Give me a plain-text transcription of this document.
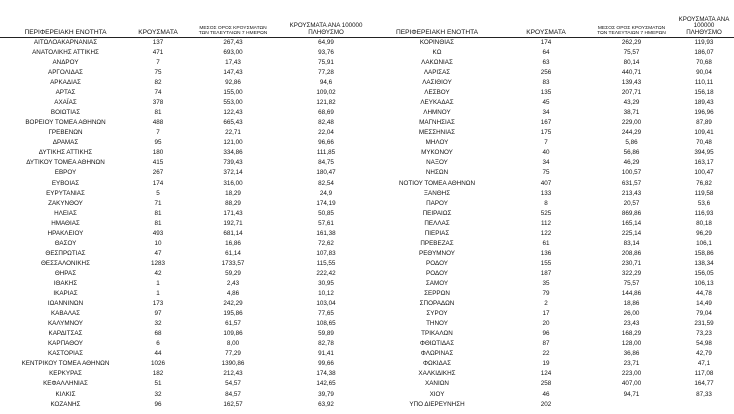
ΠΕΡΙΦΕΡΕΙΑΚΗ ΕΝΟΤΗΤΑ	ΚΡΟΥΣΜΑΤΑ	ΜΕΣΟΣ ΟΡΟΣ ΚΡΟΥΣΜΑΤΩΝ
ΤΩΝ ΤΕΛΕΥΤΑΙΩΝ 7 ΗΜΕΡΩΝ	ΚΡΟΥΣΜΑΤΑ ΑΝΑ 100000
ΠΛΗΘΥΣΜΟ	ΠΕΡΙΦΕΡΕΙΑΚΗ ΕΝΟΤΗΤΑ	ΚΡΟΥΣΜΑΤΑ	ΜΕΣΟΣ ΟΡΟΣ ΚΡΟΥΣΜΑΤΩΝ
ΤΩΝ ΤΕΛΕΥΤΑΙΩΝ 7 ΗΜΕΡΩΝ	ΚΡΟΥΣΜΑΤΑ ΑΝΑ 100000
ΠΛΗΘΥΣΜΟ
ΑΙΤΩΛΟΑΚΑΡΝΑΝΙΑΣ	137	267,43	64,99	ΚΟΡΙΝΘΙΑΣ	174	262,29	119,93
ΑΝΑΤΟΛΙΚΗΣ ΑΤΤΙΚΗΣ	471	693,00	93,76	ΚΩ	64	75,57	186,07
ΑΝΔΡΟΥ	7	17,43	75,91	ΛΑΚΩΝΙΑΣ	63	80,14	70,68
ΑΡΓΟΛΙΔΑΣ	75	147,43	77,28	ΛΑΡΙΣΑΣ	256	440,71	90,04
ΑΡΚΑΔΙΑΣ	82	92,86	94,6	ΛΑΣΙΘΙΟΥ	83	139,43	110,11
ΑΡΤΑΣ	74	155,00	109,02	ΛΕΣΒΟΥ	135	207,71	156,18
ΑΧΑΪΑΣ	378	553,00	121,82	ΛΕΥΚΑΔΑΣ	45	43,29	189,43
ΒΟΙΩΤΙΑΣ	81	122,43	68,69	ΛΗΜΝΟΥ	34	38,71	196,96
ΒΟΡΕΙΟΥ ΤΟΜΕΑ ΑΘΗΝΩΝ	488	665,43	82,48	ΜΑΓΝΗΣΙΑΣ	167	229,00	87,89
ΓΡΕΒΕΝΩΝ	7	22,71	22,04	ΜΕΣΣΗΝΙΑΣ	175	244,29	109,41
ΔΡΑΜΑΣ	95	121,00	96,66	ΜΗΛΟΥ	7	5,86	70,48
ΔΥΤΙΚΗΣ ΑΤΤΙΚΗΣ	180	334,86	111,85	ΜΥΚΟΝΟΥ	40	56,86	394,95
ΔΥΤΙΚΟΥ ΤΟΜΕΑ ΑΘΗΝΩΝ	415	739,43	84,75	ΝΑΞΟΥ	34	46,29	163,17
ΕΒΡΟΥ	267	372,14	180,47	ΝΗΣΩΝ	75	100,57	100,47
ΕΥΒΟΙΑΣ	174	316,00	82,54	ΝΟΤΙΟΥ ΤΟΜΕΑ ΑΘΗΝΩΝ	407	631,57	76,82
ΕΥΡΥΤΑΝΙΑΣ	5	18,29	24,9	ΞΑΝΘΗΣ	133	213,43	119,58
ΖΑΚΥΝΘΟΥ	71	88,29	174,19	ΠΑΡΟΥ	8	20,57	53,6
ΗΛΕΙΑΣ	81	171,43	50,85	ΠΕΙΡΑΙΩΣ	525	869,86	116,93
ΗΜΑΘΙΑΣ	81	192,71	57,61	ΠΕΛΛΑΣ	112	165,14	80,18
ΗΡΑΚΛΕΙΟΥ	493	681,14	161,38	ΠΙΕΡΙΑΣ	122	225,14	96,29
ΘΑΣΟΥ	10	16,86	72,62	ΠΡΕΒΕΖΑΣ	61	83,14	106,1
ΘΕΣΠΡΩΤΙΑΣ	47	61,14	107,83	ΡΕΘΥΜΝΟΥ	136	208,86	158,86
ΘΕΣΣΑΛΟΝΙΚΗΣ	1283	1733,57	115,55	ΡΟΔΟΥ	155	230,71	138,34
ΘΗΡΑΣ	42	59,29	222,42	ΡΟΔΟΥ	187	322,29	156,05
ΙΘΑΚΗΣ	1	2,43	30,95	ΣΑΜΟΥ	35	75,57	106,13
ΙΚΑΡΙΑΣ	1	4,86	10,12	ΣΕΡΡΩΝ	79	144,86	44,78
ΙΩΑΝΝΙΝΩΝ	173	242,29	103,04	ΣΠΟΡΑΔΩΝ	2	18,86	14,49
ΚΑΒΑΛΑΣ	97	195,86	77,65	ΣΥΡΟΥ	17	26,00	79,04
ΚΑΛΥΜΝΟΥ	32	61,57	108,65	ΤΗΝΟΥ	20	23,43	231,59
ΚΑΡΔΙΤΣΑΣ	68	109,86	59,89	ΤΡΙΚΑΛΩΝ	96	168,29	73,23
ΚΑΡΠΑΘΟΥ	6	8,00	82,78	ΦΘΙΩΤΙΔΑΣ	87	128,00	54,98
ΚΑΣΤΟΡΙΑΣ	44	77,29	91,41	ΦΛΩΡΙΝΑΣ	22	36,86	42,79
ΚΕΝΤΡΙΚΟΥ ΤΟΜΕΑ ΑΘΗΝΩΝ	1026	1390,86	99,66	ΦΩΚΙΔΑΣ	19	23,71	47,1
ΚΕΡΚΥΡΑΣ	182	212,43	174,38	ΧΑΛΚΙΔΙΚΗΣ	124	223,00	117,08
ΚΕΦΑΛΛΗΝΙΑΣ	51	54,57	142,65	ΧΑΝΙΩΝ	258	407,00	164,77
ΚΙΛΚΙΣ	32	84,57	39,79	ΧΙΟΥ	46	94,71	87,33
ΚΟΖΑΝΗΣ	96	162,57	63,92	ΥΠΟ ΔΙΕΡΕΥΝΗΣΗ	202		
